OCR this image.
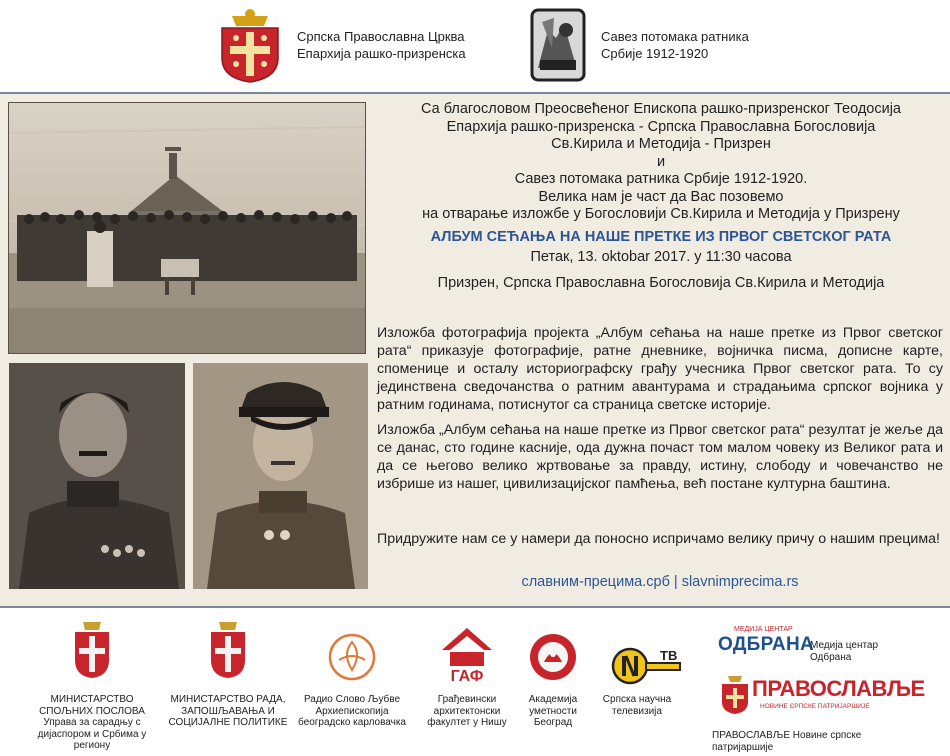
Српска Православна Црква
Епархија рашко-призренска
Савез потомака ратника
Србије 1912-1920
Са благословом Преосвећеног Епископа рашко-призренског Теодосија
Епархија рашко-призренска - Српска Православна Богословија
Св.Кирила и Методија - Призрен
и
Савез потомака ратника Србије 1912-1920.
Велика нам је част да Вас позовемо
на отварање изложбе у Богословији Св.Кирила и Методија у Призрену
АЛБУМ СЕЋАЊА НА НАШЕ ПРЕТКЕ ИЗ ПРВОГ СВЕТСКОГ РАТА
Петак, 13. oktobar 2017. у 11:30 часова
Призрен, Српска Православна Богословија Св.Кирила и Методија
Изложба фотографија пројекта „Албум сећања на наше претке из Првог светског рата“ приказује фотографије, ратне дневнике, војничка писма, дописне карте, споменице и осталу историографску грађу учесника Првог светског рата. То су јединствена сведочанства о ратним авантурама и страдањима српског војника у ратним годинама, потиснутог са страница светске историје.
Изложба „Албум сећања на наше претке из Првог светског рата“ резултат је жеље да се данас, сто године касније, ода дужна почаст том малом човеку из Великог рата и да се његово велико жртвовање за правду, истину, слободу и човечанство не избрише из нашег, цивилизацијског памћења, већ постане културна баштина.
Придружите нам се у намери да поносно испричамо велику причу о нашим прецима!
славним-прецима.срб | slavnimprecima.rs
МИНИСТАРСТВО
СПОЉНИХ ПОСЛОВА
Управа за сарадњу с
дијаспором и Србима у региону
МИНИСТАРСТВО РАДА,
ЗАПОШЉАВАЊА И
СОЦИЈАЛНЕ ПОЛИТИКЕ
Радио Слово Љубве
Архиепископија
београдско карловачка
ГАФ
Грађевински
архитектонски
факултет у Нишу
Академија
уметности
Београд
ТВ
Српска научна
телевизија
МЕДИЈА ЦЕНТАР
ОДБРАНА
Медија центар Одбрана
ПРАВОСЛАВЉЕ
НОВИНЕ СРПСКЕ ПАТРИЈАРШИЈЕ
ПРАВОСЛАВЉЕ Новине српске патријаршије
